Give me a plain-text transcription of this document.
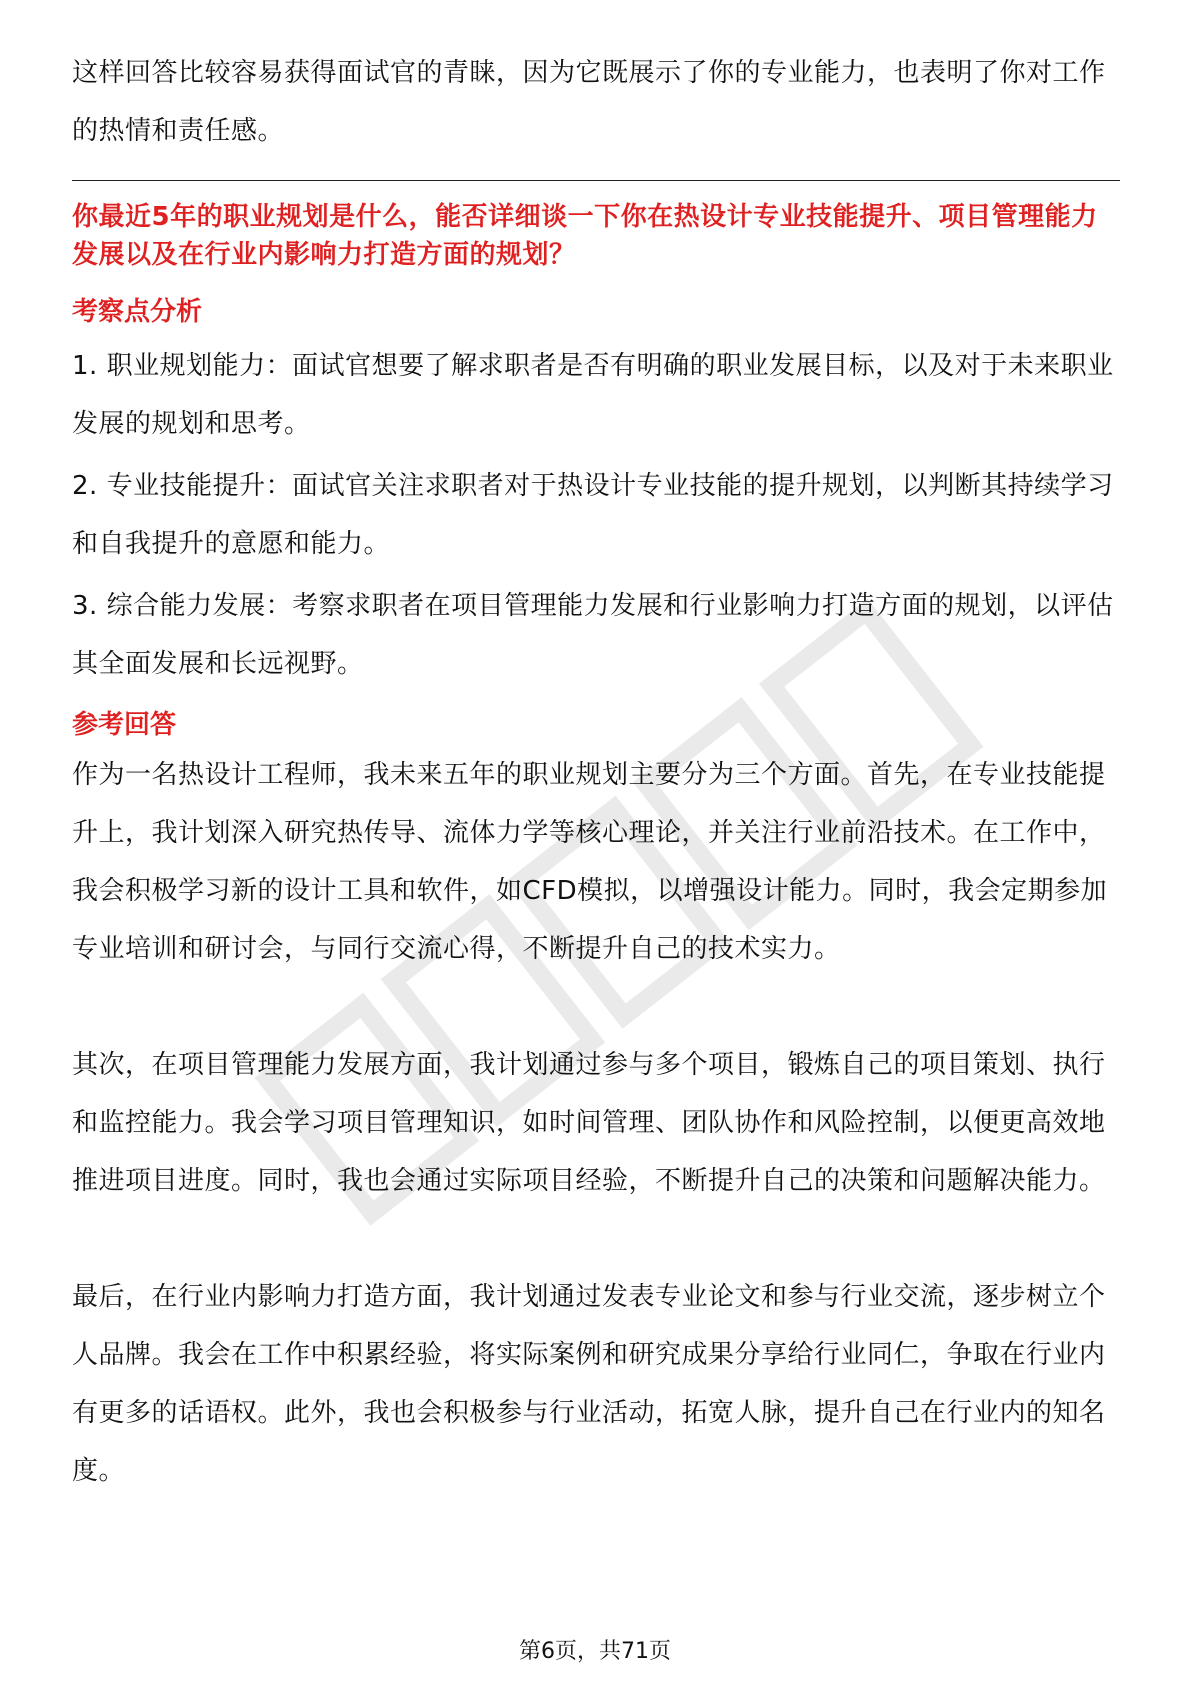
这样回答比较容易获得面试官的青睐，因为它既展示了你的专业能力，也表明了你对工作的热情和责任感。

你最近5年的职业规划是什么，能否详细谈一下你在热设计专业技能提升、项目管理能力发展以及在行业内影响力打造方面的规划？

考察点分析

1. 职业规划能力：面试官想要了解求职者是否有明确的职业发展目标，以及对于未来职业发展的规划和思考。

2. 专业技能提升：面试官关注求职者对于热设计专业技能的提升规划，以判断其持续学习和自我提升的意愿和能力。

3. 综合能力发展：考察求职者在项目管理能力发展和行业影响力打造方面的规划，以评估其全面发展和长远视野。

参考回答

作为一名热设计工程师，我未来五年的职业规划主要分为三个方面。首先，在专业技能提升上，我计划深入研究热传导、流体力学等核心理论，并关注行业前沿技术。在工作中，我会积极学习新的设计工具和软件，如CFD模拟，以增强设计能力。同时，我会定期参加专业培训和研讨会，与同行交流心得，不断提升自己的技术实力。

其次，在项目管理能力发展方面，我计划通过参与多个项目，锻炼自己的项目策划、执行和监控能力。我会学习项目管理知识，如时间管理、团队协作和风险控制，以便更高效地推进项目进度。同时，我也会通过实际项目经验，不断提升自己的决策和问题解决能力。

最后，在行业内影响力打造方面，我计划通过发表专业论文和参与行业交流，逐步树立个人品牌。我会在工作中积累经验，将实际案例和研究成果分享给行业同仁，争取在行业内有更多的话语权。此外，我也会积极参与行业活动，拓宽人脉，提升自己在行业内的知名度。

第6页，共71页
